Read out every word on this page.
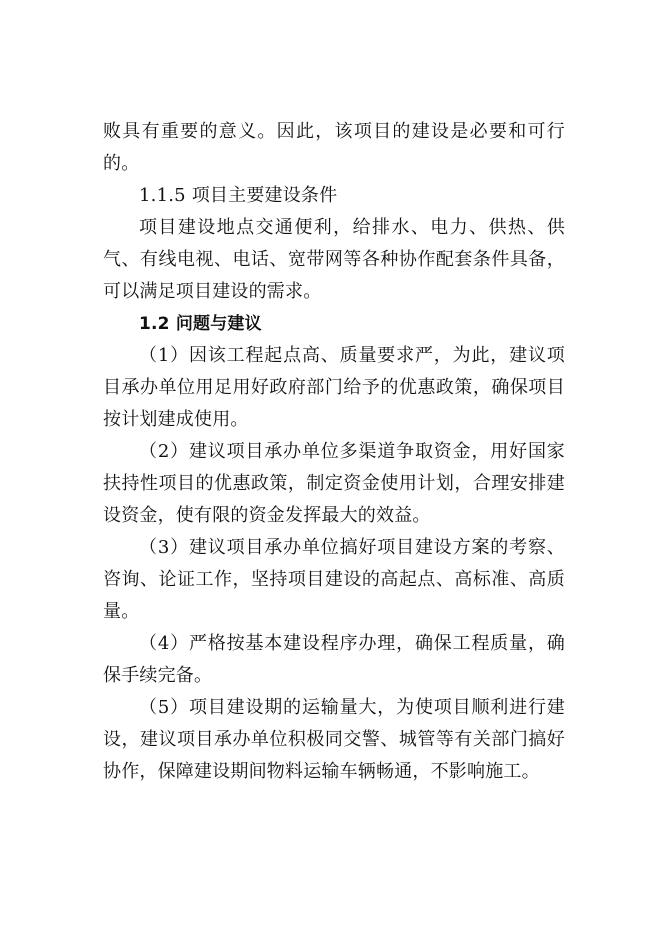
败具有重要的意义。因此，该项目的建设是必要和可行的。

1.1.5 项目主要建设条件

项目建设地点交通便利，给排水、电力、供热、供气、有线电视、电话、宽带网等各种协作配套条件具备，可以满足项目建设的需求。

1.2 问题与建议

（1）因该工程起点高、质量要求严，为此，建议项目承办单位用足用好政府部门给予的优惠政策，确保项目按计划建成使用。

（2）建议项目承办单位多渠道争取资金，用好国家扶持性项目的优惠政策，制定资金使用计划，合理安排建设资金，使有限的资金发挥最大的效益。

（3）建议项目承办单位搞好项目建设方案的考察、咨询、论证工作，坚持项目建设的高起点、高标准、高质量。

（4）严格按基本建设程序办理，确保工程质量，确保手续完备。

（5）项目建设期的运输量大，为使项目顺利进行建设，建议项目承办单位积极同交警、城管等有关部门搞好协作，保障建设期间物料运输车辆畅通，不影响施工。
